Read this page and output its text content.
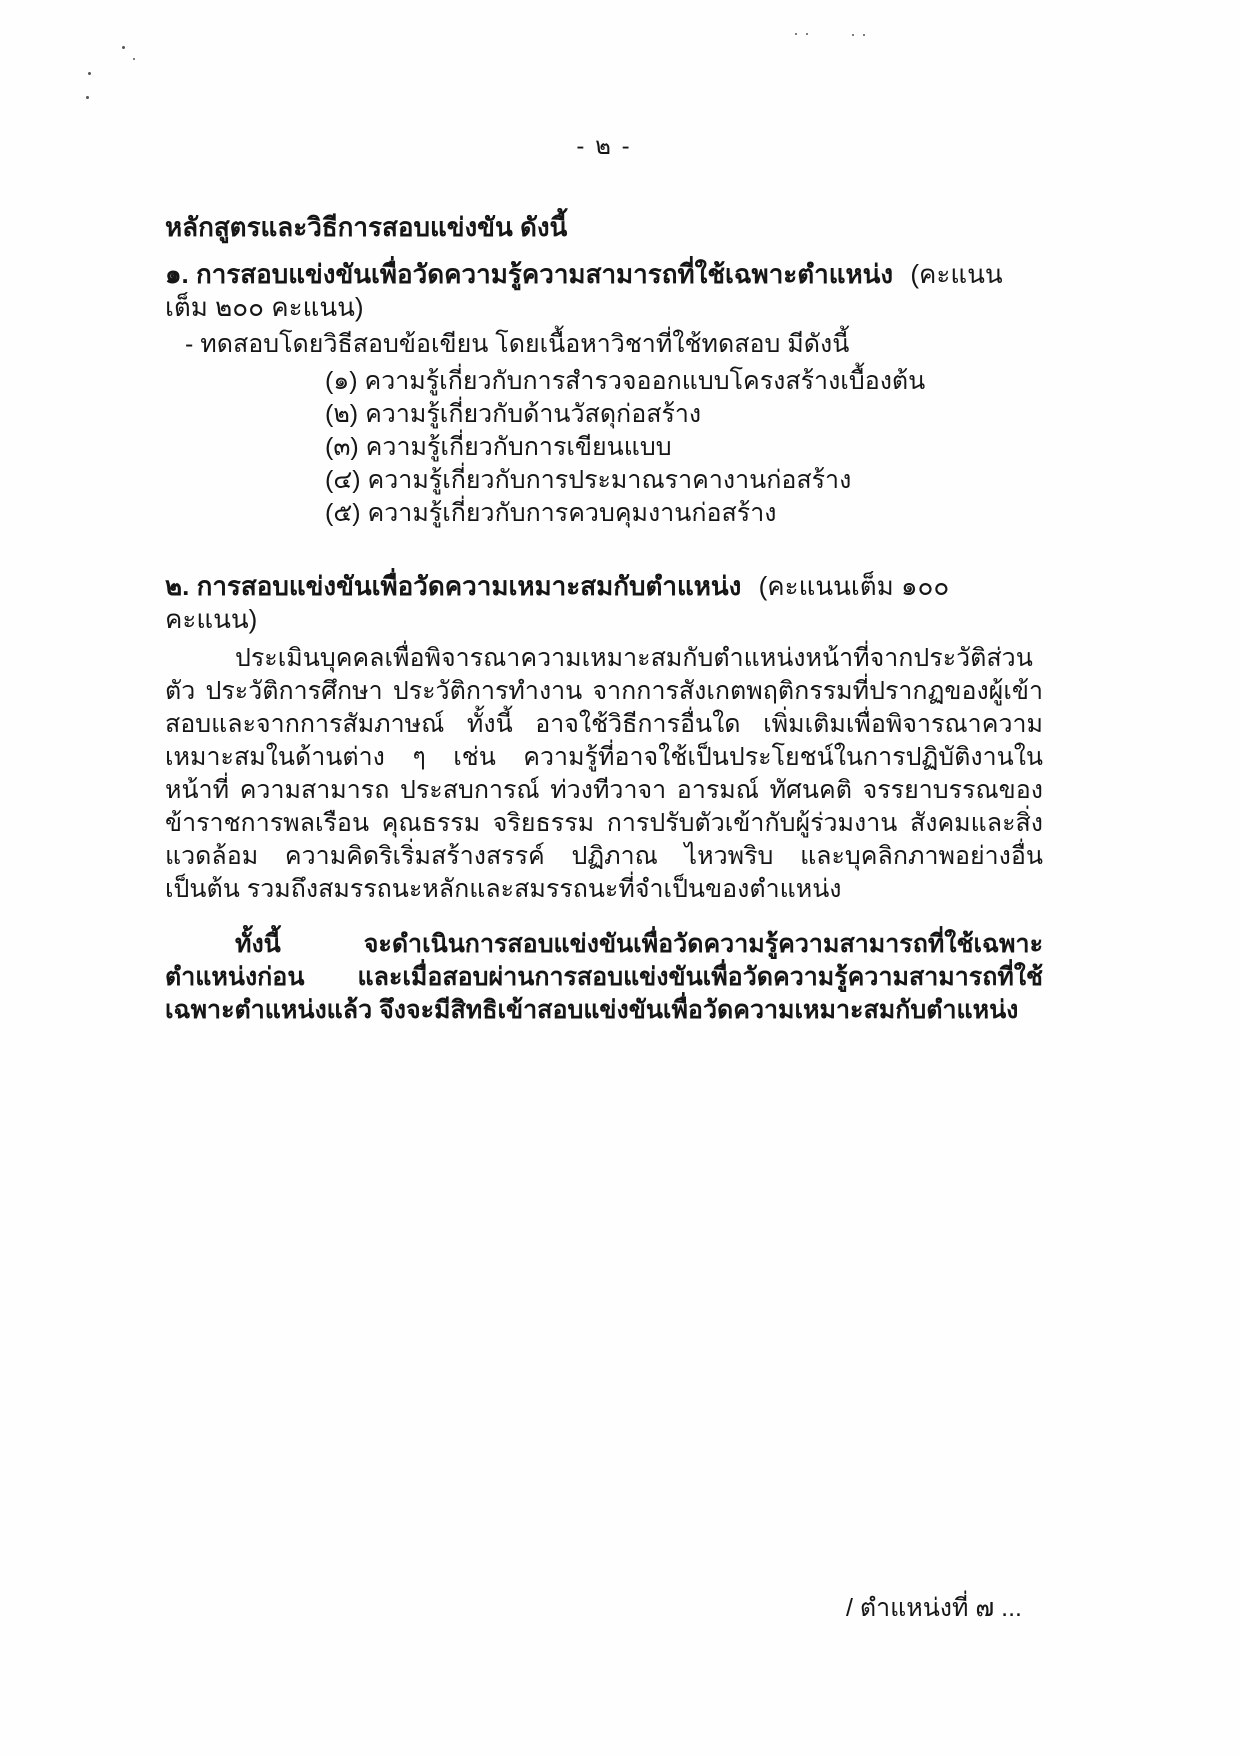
- ๒ -
หลักสูตรและวิธีการสอบแข่งขัน ดังนี้
๑. การสอบแข่งขันเพื่อวัดความรู้ความสามารถที่ใช้เฉพาะตำแหน่ง (คะแนนเต็ม ๒๐๐ คะแนน)
- ทดสอบโดยวิธีสอบข้อเขียน โดยเนื้อหาวิชาที่ใช้ทดสอบ มีดังนี้
(๑) ความรู้เกี่ยวกับการสำรวจออกแบบโครงสร้างเบื้องต้น
(๒) ความรู้เกี่ยวกับด้านวัสดุก่อสร้าง
(๓) ความรู้เกี่ยวกับการเขียนแบบ
(๔) ความรู้เกี่ยวกับการประมาณราคางานก่อสร้าง
(๕) ความรู้เกี่ยวกับการควบคุมงานก่อสร้าง
๒. การสอบแข่งขันเพื่อวัดความเหมาะสมกับตำแหน่ง (คะแนนเต็ม ๑๐๐ คะแนน)
ประเมินบุคคลเพื่อพิจารณาความเหมาะสมกับตำแหน่งหน้าที่จากประวัติส่วนตัว ประวัติการศึกษา ประวัติการทำงาน จากการสังเกตพฤติกรรมที่ปรากฏของผู้เข้าสอบและจากการสัมภาษณ์ ทั้งนี้ อาจใช้วิธีการอื่นใด เพิ่มเติมเพื่อพิจารณาความเหมาะสมในด้านต่าง ๆ เช่น ความรู้ที่อาจใช้เป็นประโยชน์ในการปฏิบัติงานในหน้าที่ ความสามารถ ประสบการณ์ ท่วงทีวาจา อารมณ์ ทัศนคติ จรรยาบรรณของข้าราชการพลเรือน คุณธรรม จริยธรรม การปรับตัวเข้ากับผู้ร่วมงาน สังคมและสิ่งแวดล้อม ความคิดริเริ่มสร้างสรรค์ ปฏิภาณ ไหวพริบ และบุคลิกภาพอย่างอื่น เป็นต้น รวมถึงสมรรถนะหลักและสมรรถนะที่จำเป็นของตำแหน่ง
ทั้งนี้ จะดำเนินการสอบแข่งขันเพื่อวัดความรู้ความสามารถที่ใช้เฉพาะตำแหน่งก่อน และเมื่อสอบผ่านการสอบแข่งขันเพื่อวัดความรู้ความสามารถที่ใช้เฉพาะตำแหน่งแล้ว จึงจะมีสิทธิเข้าสอบแข่งขันเพื่อวัดความเหมาะสมกับตำแหน่ง
/ ตำแหน่งที่ ๗ ...
